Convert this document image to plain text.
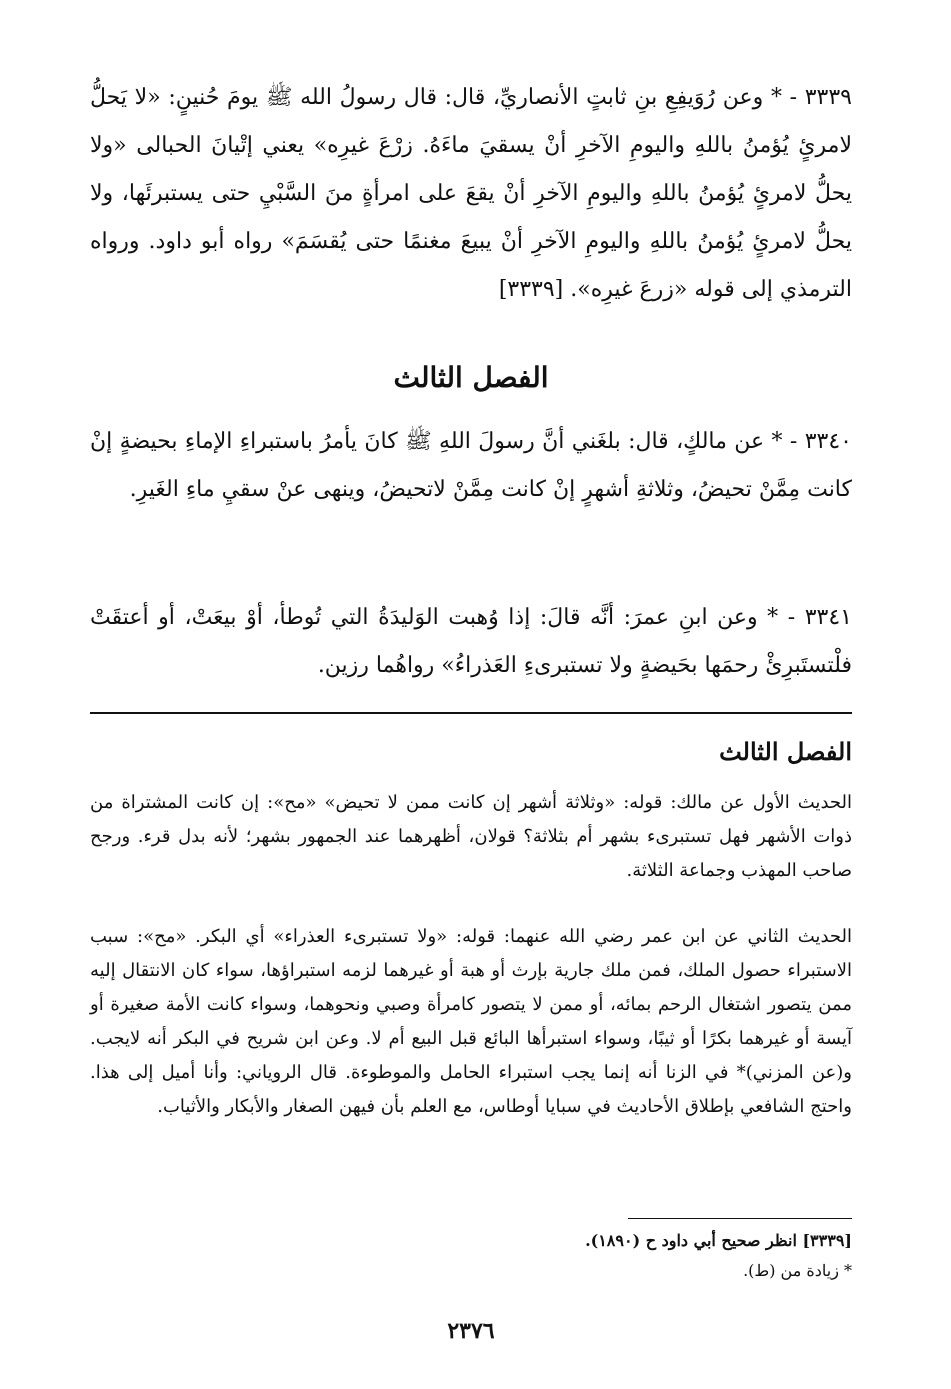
٣٣٣٩ - * وعن رُوَيفِعِ بنِ ثابتٍ الأنصاريِّ، قال: قال رسولُ الله ﷺ يومَ حُنينٍ: «لا يَحلُّ لامرئٍ يُؤمنُ باللهِ واليومِ الآخرِ أنْ يسقيَ ماءَهُ. زرْعَ غيرِه» يعني إتْيانَ الحبالى «ولا يحلُّ لامرئٍ يُؤمنُ باللهِ واليومِ الآخرِ أنْ يقعَ على امرأةٍ منَ السَّبْيِ حتى يستبرئَها، ولا يحلُّ لامرئٍ يُؤمنُ باللهِ واليومِ الآخرِ أنْ يبيعَ مغنمًا حتى يُقسَمَ» رواه أبو داود. ورواه الترمذي إلى قوله «زرعَ غيرِه». [٣٣٣٩]

الفصل الثالث

٣٣٤٠ - * عن مالكٍ، قال: بلغَني أنَّ رسولَ اللهِ ﷺ كانَ يأمرُ باستبراءِ الإماءِ بحيضةٍ إنْ كانت مِمَّنْ تحيضُ، وثلاثةِ أشهرٍ إنْ كانت مِمَّنْ لاتحيضُ، وينهى عنْ سقيِ ماءِ الغَيرِ.

٣٣٤١ - * وعن ابنِ عمرَ: أنَّه قالَ: إذا وُهبت الوَليدَةُ التي تُوطأ، أوْ بيعَتْ، أو أعتقَتْ فلْتستَبرِئْ رحمَها بحَيضةٍ ولا تستبرىءِ العَذراءُ» رواهُما رزين.

الفصل الثالث

الحديث الأول عن مالك: قوله: «وثلاثة أشهر إن كانت ممن لا تحيض» «مح»: إن كانت المشتراة من ذوات الأشهر فهل تستبرىء بشهر أم بثلاثة؟ قولان، أظهرهما عند الجمهور بشهر؛ لأنه بدل قرء. ورجح صاحب المهذب وجماعة الثلاثة.

الحديث الثاني عن ابن عمر رضي الله عنهما: قوله: «ولا تستبرىء العذراء» أي البكر. «مح»: سبب الاستبراء حصول الملك، فمن ملك جارية بإرث أو هبة أو غيرهما لزمه استبراؤها، سواء كان الانتقال إليه ممن يتصور اشتغال الرحم بمائه، أو ممن لا يتصور كامرأة وصبي ونحوهما، وسواء كانت الأمة صغيرة أو آيسة أو غيرهما بكرًا أو ثيبًا، وسواء استبرأها البائع قبل البيع أم لا. وعن ابن شريح في البكر أنه لايجب. و(عن المزني)* في الزنا أنه إنما يجب استبراء الحامل والموطوءة. قال الروياني: وأنا أميل إلى هذا. واحتج الشافعي بإطلاق الأحاديث في سبايا أوطاس، مع العلم بأن فيهن الصغار والأبكار والأثياب.

[٣٣٣٩] انظر صحيح أبي داود ح (١٨٩٠).
* زيادة من (ط).
٢٣٧٦
